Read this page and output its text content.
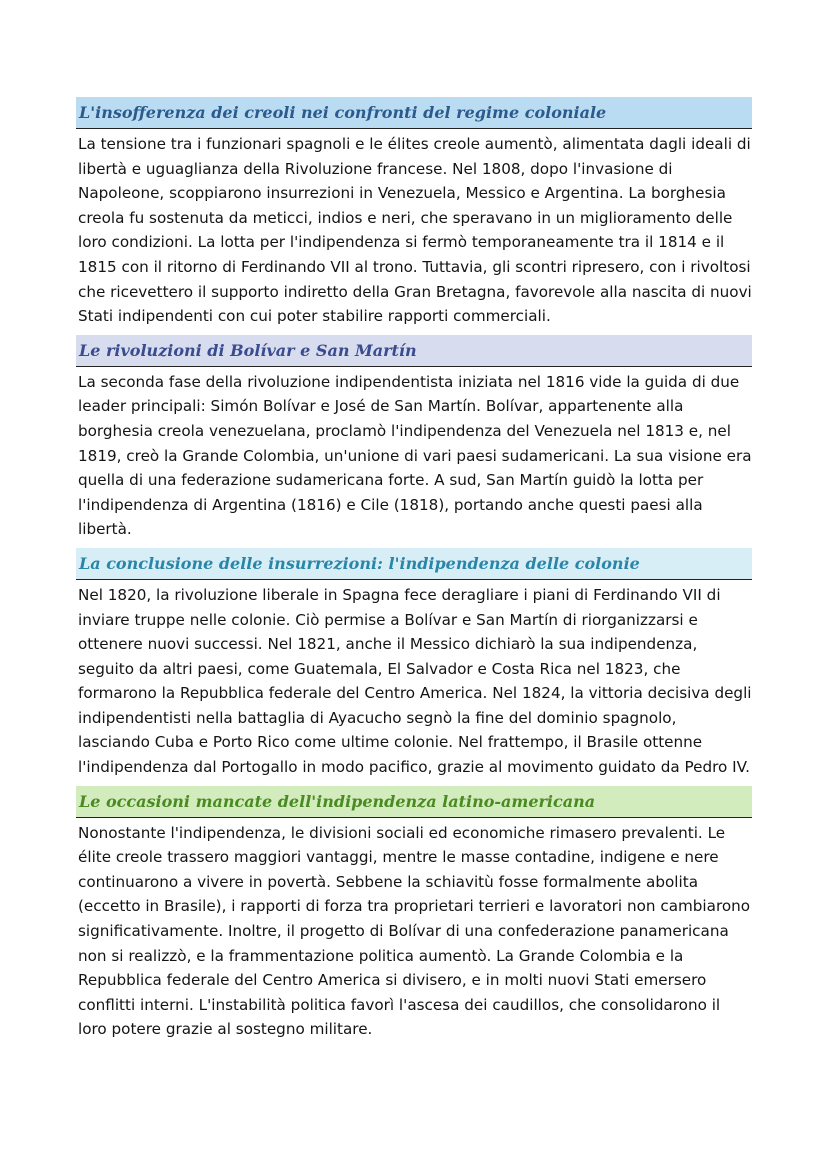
L'insofferenza dei creoli nei confronti del regime coloniale

La tensione tra i funzionari spagnoli e le élites creole aumentò, alimentata dagli ideali di libertà e uguaglianza della Rivoluzione francese. Nel 1808, dopo l'invasione di Napoleone, scoppiarono insurrezioni in Venezuela, Messico e Argentina. La borghesia creola fu sostenuta da meticci, indios e neri, che speravano in un miglioramento delle loro condizioni. La lotta per l'indipendenza si fermò temporaneamente tra il 1814 e il 1815 con il ritorno di Ferdinando VII al trono. Tuttavia, gli scontri ripresero, con i rivoltosi che ricevettero il supporto indiretto della Gran Bretagna, favorevole alla nascita di nuovi Stati indipendenti con cui poter stabilire rapporti commerciali.

Le rivoluzioni di Bolívar e San Martín

La seconda fase della rivoluzione indipendentista iniziata nel 1816 vide la guida di due leader principali: Simón Bolívar e José de San Martín. Bolívar, appartenente alla borghesia creola venezuelana, proclamò l'indipendenza del Venezuela nel 1813 e, nel 1819, creò la Grande Colombia, un'unione di vari paesi sudamericani. La sua visione era quella di una federazione sudamericana forte. A sud, San Martín guidò la lotta per l'indipendenza di Argentina (1816) e Cile (1818), portando anche questi paesi alla libertà.

La conclusione delle insurrezioni: l'indipendenza delle colonie

Nel 1820, la rivoluzione liberale in Spagna fece deragliare i piani di Ferdinando VII di inviare truppe nelle colonie. Ciò permise a Bolívar e San Martín di riorganizzarsi e ottenere nuovi successi. Nel 1821, anche il Messico dichiarò la sua indipendenza, seguito da altri paesi, come Guatemala, El Salvador e Costa Rica nel 1823, che formarono la Repubblica federale del Centro America. Nel 1824, la vittoria decisiva degli indipendentisti nella battaglia di Ayacucho segnò la fine del dominio spagnolo, lasciando Cuba e Porto Rico come ultime colonie. Nel frattempo, il Brasile ottenne l'indipendenza dal Portogallo in modo pacifico, grazie al movimento guidato da Pedro IV.

Le occasioni mancate dell'indipendenza latino-americana

Nonostante l'indipendenza, le divisioni sociali ed economiche rimasero prevalenti. Le élite creole trassero maggiori vantaggi, mentre le masse contadine, indigene e nere continuarono a vivere in povertà. Sebbene la schiavitù fosse formalmente abolita (eccetto in Brasile), i rapporti di forza tra proprietari terrieri e lavoratori non cambiarono significativamente. Inoltre, il progetto di Bolívar di una confederazione panamericana non si realizzò, e la frammentazione politica aumentò. La Grande Colombia e la Repubblica federale del Centro America si divisero, e in molti nuovi Stati emersero conflitti interni. L'instabilità politica favorì l'ascesa dei caudillos, che consolidarono il loro potere grazie al sostegno militare.
